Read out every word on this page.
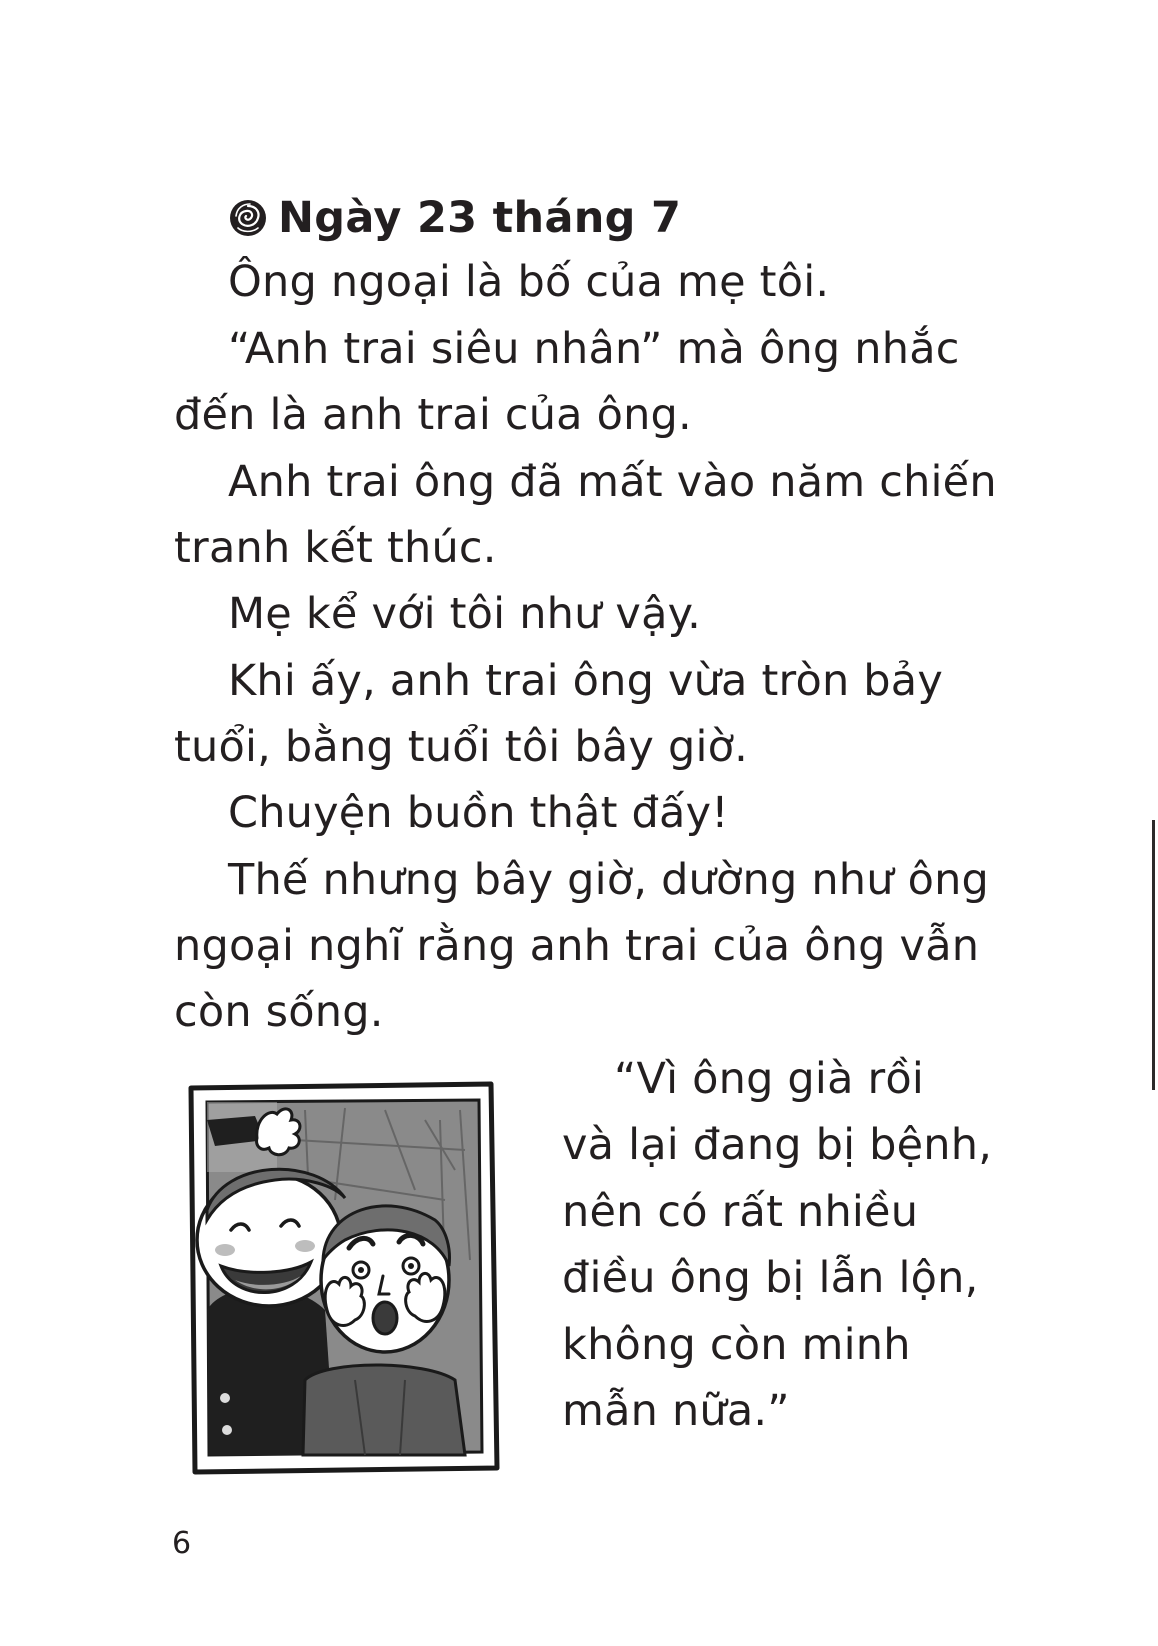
Ngày 23 tháng 7
Ông ngoại là bố của mẹ tôi.
“Anh trai siêu nhân” mà ông nhắc
đến là anh trai của ông.
Anh trai ông đã mất vào năm chiến
tranh kết thúc.
Mẹ kể với tôi như vậy.
Khi ấy, anh trai ông vừa tròn bảy
tuổi, bằng tuổi tôi bây giờ.
Chuyện buồn thật đấy!
Thế nhưng bây giờ, dường như ông
ngoại nghĩ rằng anh trai của ông vẫn
còn sống.
“Vì ông già rồi
và lại đang bị bệnh,
nên có rất nhiều
điều ông bị lẫn lộn,
không còn minh
mẫn nữa.”
6
